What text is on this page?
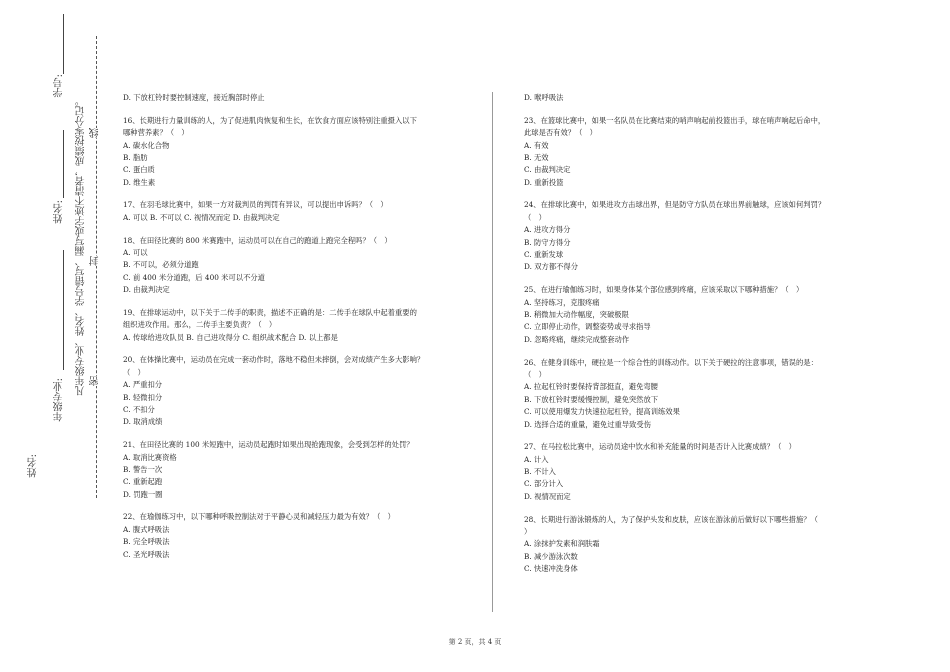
姓名:
年级专业:
姓名:
学号:
凡年级专业、姓名、学号错写、漏写或字迹不清者，成绩按零分记。 线
封
密
D. 下放杠铃时要控制速度，接近胸部时停止
16、长期进行力量训练的人，为了促进肌肉恢复和生长，在饮食方面应该特别注重摄入以下
哪种营养素？（　）
A. 碳水化合物
B. 脂肪
C. 蛋白质
D. 维生素
17、在羽毛球比赛中，如果一方对裁判员的判罚有异议，可以提出申诉吗？（　）
A. 可以 B. 不可以 C. 视情况而定 D. 由裁判决定
18、在田径比赛的 800 米赛跑中，运动员可以在自己的跑道上跑完全程吗？（　）
A. 可以
B. 不可以，必须分道跑
C. 前 400 米分道跑，后 400 米可以不分道
D. 由裁判决定
19、在排球运动中，以下关于二传手的职责，描述不正确的是：二传手在球队中起着重要的
组织进攻作用。那么，二传手主要负责？（　）
A. 传球给进攻队员 B. 自己进攻得分 C. 组织战术配合 D. 以上都是
20、在体操比赛中，运动员在完成一套动作时，落地不稳但未摔倒，会对成绩产生多大影响？
（　）
A. 严重扣分
B. 轻微扣分
C. 不扣分
D. 取消成绩
21、在田径比赛的 100 米短跑中，运动员起跑时如果出现抢跑现象，会受到怎样的处罚？
A. 取消比赛资格
B. 警告一次
C. 重新起跑
D. 罚跑一圈
22、在瑜伽练习中，以下哪种呼吸控制法对于平静心灵和减轻压力最为有效？（　）
A. 腹式呼吸法
B. 完全呼吸法
C. 圣光呼吸法
D. 喉呼吸法
23、在篮球比赛中，如果一名队员在比赛结束的哨声响起前投篮出手，球在哨声响起后命中，
此球是否有效？（　）
A. 有效
B. 无效
C. 由裁判决定
D. 重新投篮
24、在排球比赛中，如果进攻方击球出界，但是防守方队员在球出界前触球，应该如何判罚？
（　）
A. 进攻方得分
B. 防守方得分
C. 重新发球
D. 双方都不得分
25、在进行瑜伽练习时，如果身体某个部位感到疼痛，应该采取以下哪种措施？（　）
A. 坚持练习，克服疼痛
B. 稍微加大动作幅度，突破极限
C. 立即停止动作，调整姿势或寻求指导
D. 忽略疼痛，继续完成整套动作
26、在健身训练中，硬拉是一个综合性的训练动作。以下关于硬拉的注意事项，错误的是：
（　）
A. 拉起杠铃时要保持背部挺直，避免弯腰
B. 下放杠铃时要缓慢控制，避免突然放下
C. 可以使用爆发力快速拉起杠铃，提高训练效果
D. 选择合适的重量，避免过重导致受伤
27、在马拉松比赛中，运动员途中饮水和补充能量的时间是否计入比赛成绩？（　）
A. 计入
B. 不计入
C. 部分计入
D. 视情况而定
28、长期进行游泳锻炼的人，为了保护头发和皮肤，应该在游泳前后做好以下哪些措施？（
）
A. 涂抹护发素和润肤霜
B. 减少游泳次数
C. 快速冲洗身体
第 2 页，共 4 页
